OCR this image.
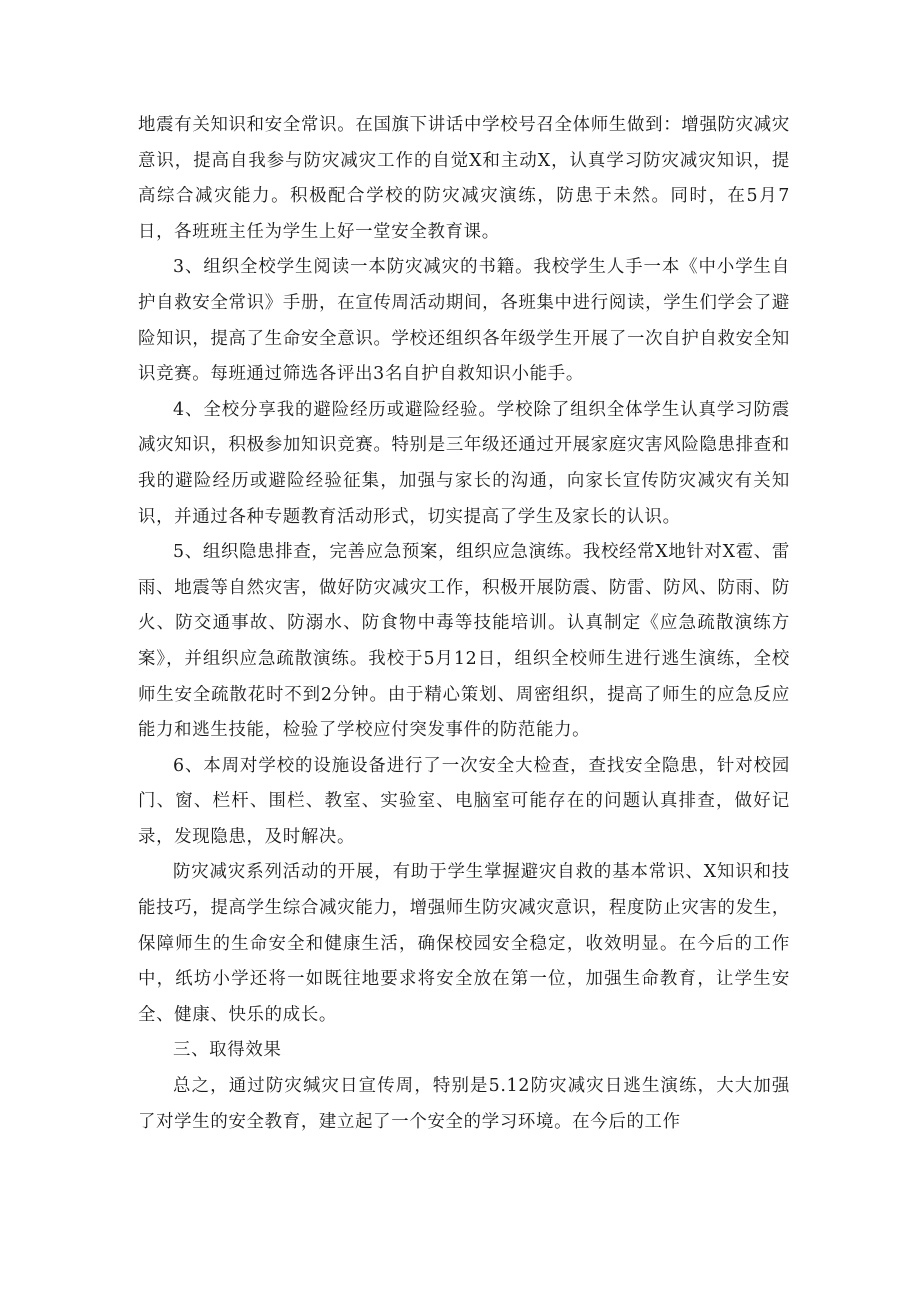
地震有关知识和安全常识。在国旗下讲话中学校号召全体师生做到：增强防灾减灾意识，提高自我参与防灾减灾工作的自觉X和主动X，认真学习防灾减灾知识，提高综合减灾能力。积极配合学校的防灾减灾演练，防患于未然。同时，在5月7日，各班班主任为学生上好一堂安全教育课。

3、组织全校学生阅读一本防灾减灾的书籍。我校学生人手一本《中小学生自护自救安全常识》手册，在宣传周活动期间，各班集中进行阅读，学生们学会了避险知识，提高了生命安全意识。学校还组织各年级学生开展了一次自护自救安全知识竞赛。每班通过筛选各评出3名自护自救知识小能手。

4、全校分享我的避险经历或避险经验。学校除了组织全体学生认真学习防震减灾知识，积极参加知识竞赛。特别是三年级还通过开展家庭灾害风险隐患排查和我的避险经历或避险经验征集，加强与家长的沟通，向家长宣传防灾减灾有关知识，并通过各种专题教育活动形式，切实提高了学生及家长的认识。

5、组织隐患排查，完善应急预案，组织应急演练。我校经常X地针对X雹、雷雨、地震等自然灾害，做好防灾减灾工作，积极开展防震、防雷、防风、防雨、防火、防交通事故、防溺水、防食物中毒等技能培训。认真制定《应急疏散演练方案》，并组织应急疏散演练。我校于5月12日，组织全校师生进行逃生演练，全校师生安全疏散花时不到2分钟。由于精心策划、周密组织，提高了师生的应急反应能力和逃生技能，检验了学校应付突发事件的防范能力。

6、本周对学校的设施设备进行了一次安全大检查，查找安全隐患，针对校园门、窗、栏杆、围栏、教室、实验室、电脑室可能存在的问题认真排查，做好记录，发现隐患，及时解决。

防灾减灾系列活动的开展，有助于学生掌握避灾自救的基本常识、X知识和技能技巧，提高学生综合减灾能力，增强师生防灾减灾意识，程度防止灾害的发生，保障师生的生命安全和健康生活，确保校园安全稳定，收效明显。在今后的工作中，纸坊小学还将一如既往地要求将安全放在第一位，加强生命教育，让学生安全、健康、快乐的成长。

三、取得效果

总之，通过防灾缄灾日宣传周，特别是5.12防灾减灾日逃生演练，大大加强了对学生的安全教育，建立起了一个安全的学习环境。在今后的工作
